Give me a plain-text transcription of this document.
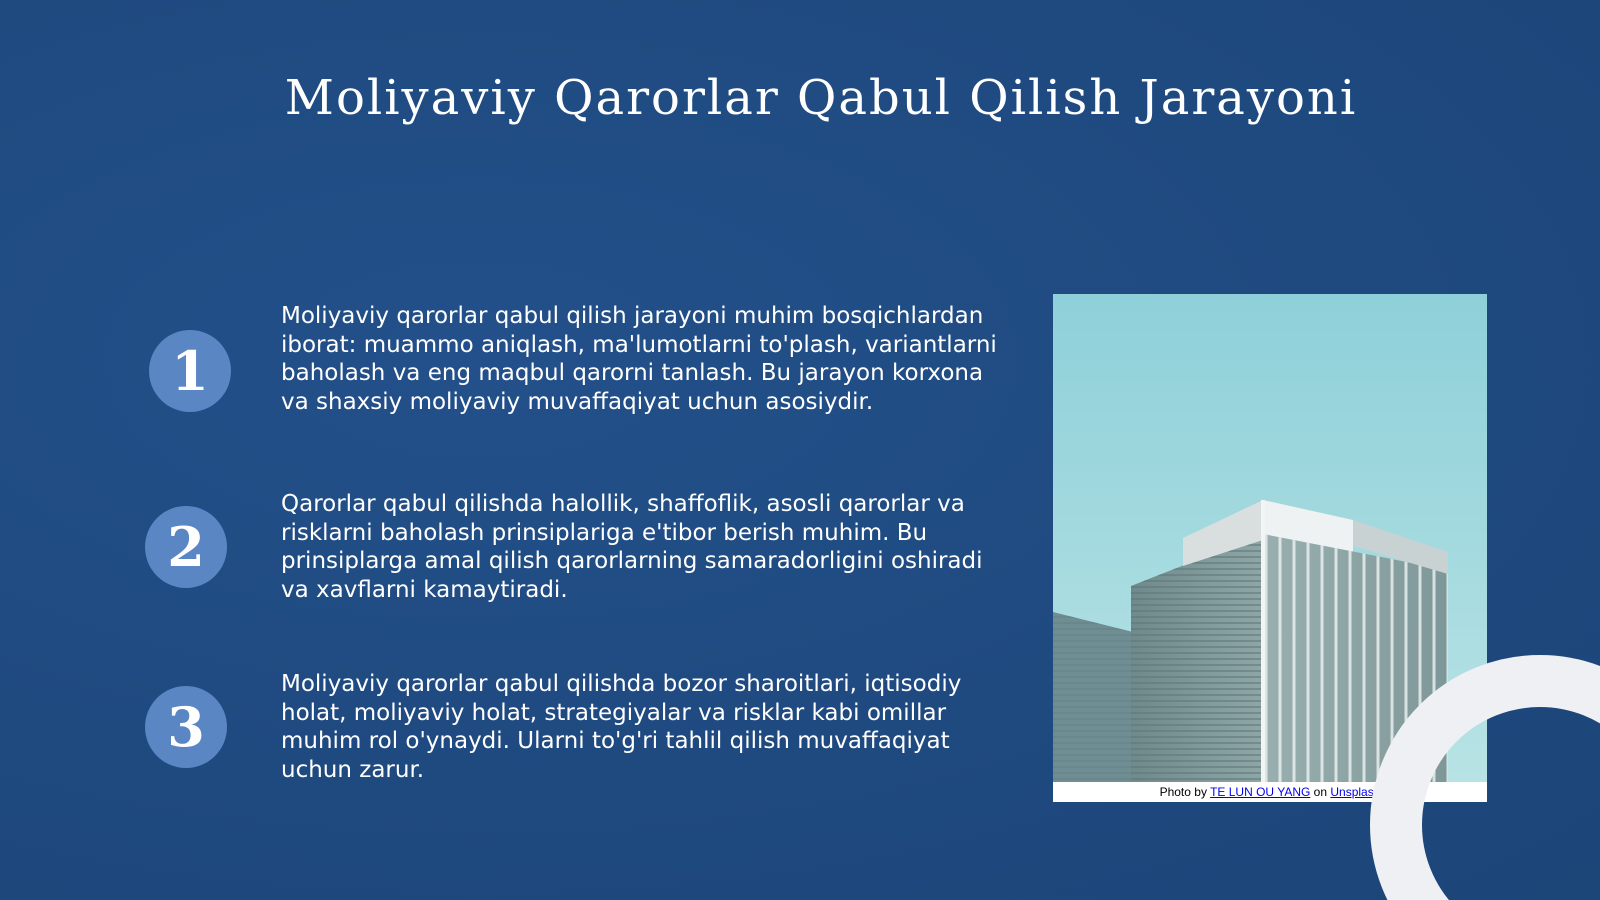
Moliyaviy Qarorlar Qabul Qilish Jarayoni
1

Moliyaviy qarorlar qabul qilish jarayoni muhim bosqichlardan iborat: muammo aniqlash, ma'lumotlarni to'plash, variantlarni baholash va eng maqbul qarorni tanlash. Bu jarayon korxona va shaxsiy moliyaviy muvaffaqiyat uchun asosiydir.

2

Qarorlar qabul qilishda halollik, shaffoflik, asosli qarorlar va risklarni baholash prinsiplariga e'tibor berish muhim. Bu prinsiplarga amal qilish qarorlarning samaradorligini oshiradi va xavflarni kamaytiradi.

3

Moliyaviy qarorlar qabul qilishda bozor sharoitlari, iqtisodiy holat, moliyaviy holat, strategiyalar va risklar kabi omillar muhim rol o'ynaydi. Ularni to'g'ri tahlil qilish muvaffaqiyat uchun zarur.

Photo by TE LUN OU YANG on Unsplash
